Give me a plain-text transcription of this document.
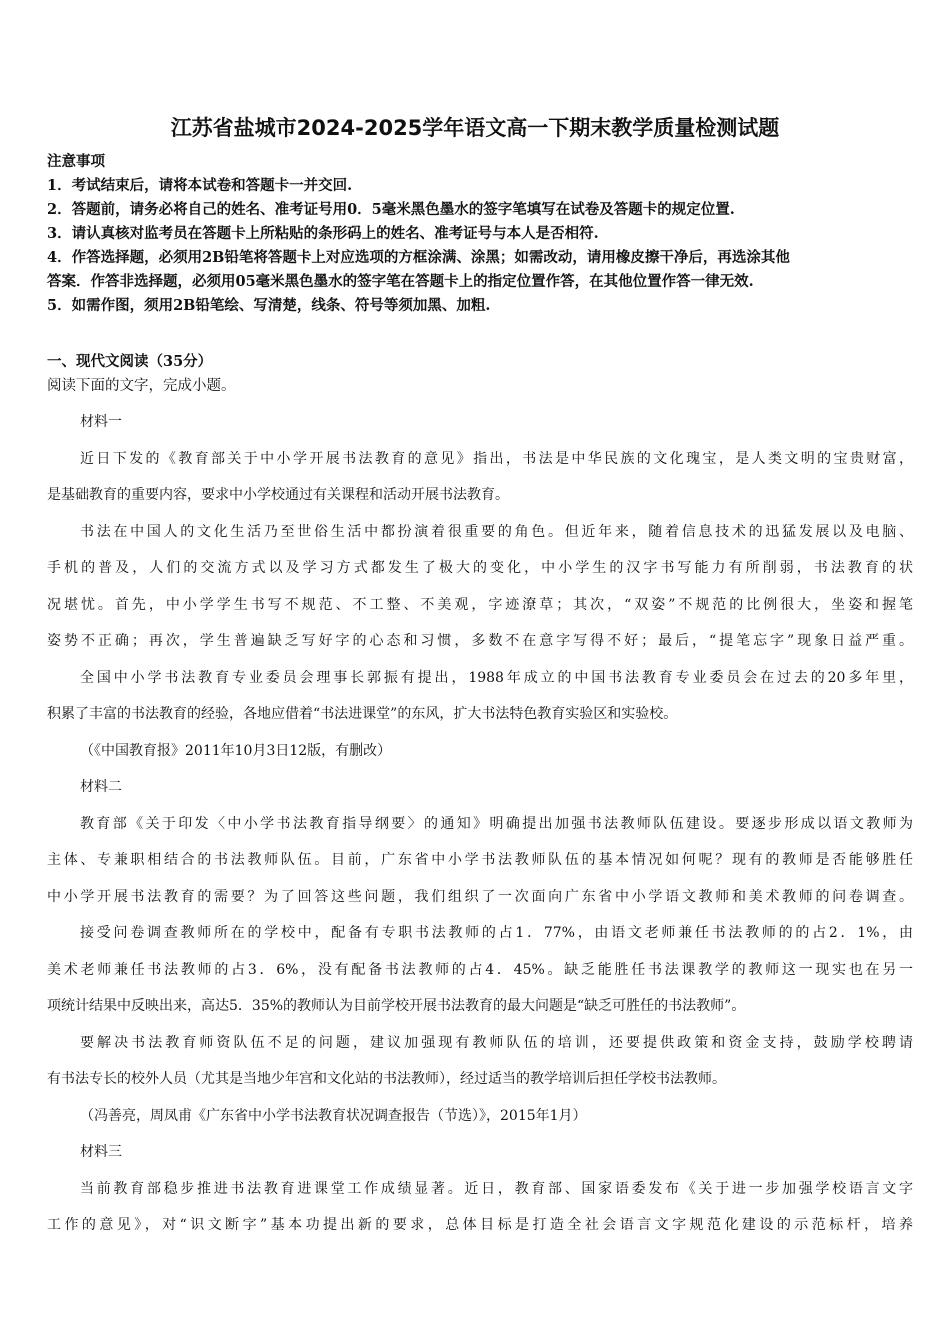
江苏省盐城市2024-2025学年语文高一下期末教学质量检测试题
注意事项
1．考试结束后，请将本试卷和答题卡一并交回.
2．答题前，请务必将自己的姓名、准考证号用0．5毫米黑色墨水的签字笔填写在试卷及答题卡的规定位置.
3．请认真核对监考员在答题卡上所粘贴的条形码上的姓名、准考证号与本人是否相符.
4．作答选择题，必须用2B铅笔将答题卡上对应选项的方框涂满、涂黑；如需改动，请用橡皮擦干净后，再选涂其他
答案．作答非选择题，必须用05毫米黑色墨水的签字笔在答题卡上的指定位置作答，在其他位置作答一律无效.
5．如需作图，须用2B铅笔绘、写清楚，线条、符号等须加黑、加粗.
一、现代文阅读（35分）
阅读下面的文字，完成小题。
材料一
近日下发的《教育部关于中小学开展书法教育的意见》指出，书法是中华民族的文化瑰宝，是人类文明的宝贵财富，
是基础教育的重要内容，要求中小学校通过有关课程和活动开展书法教育。
书法在中国人的文化生活乃至世俗生活中都扮演着很重要的角色。但近年来，随着信息技术的迅猛发展以及电脑、
手机的普及，人们的交流方式以及学习方式都发生了极大的变化，中小学生的汉字书写能力有所削弱，书法教育的状
况堪忧。首先，中小学学生书写不规范、不工整、不美观，字迹潦草；其次，“双姿”不规范的比例很大，坐姿和握笔
姿势不正确；再次，学生普遍缺乏写好字的心态和习惯，多数不在意字写得不好；最后，“提笔忘字”现象日益严重。
全国中小学书法教育专业委员会理事长郭振有提出，1988年成立的中国书法教育专业委员会在过去的20多年里，
积累了丰富的书法教育的经验，各地应借着“书法进课堂”的东风，扩大书法特色教育实验区和实验校。
（《中国教育报》2011年10月3日12版，有删改）
材料二
教育部《关于印发〈中小学书法教育指导纲要〉的通知》明确提出加强书法教师队伍建设。要逐步形成以语文教师为
主体、专兼职相结合的书法教师队伍。目前，广东省中小学书法教师队伍的基本情况如何呢？现有的教师是否能够胜任
中小学开展书法教育的需要？为了回答这些问题，我们组织了一次面向广东省中小学语文教师和美术教师的问卷调查。
接受问卷调查教师所在的学校中，配备有专职书法教师的占1．77%，由语文老师兼任书法教师的的占2．1%，由
美术老师兼任书法教师的占3．6%，没有配备书法教师的占4．45%。缺乏能胜任书法课教学的教师这一现实也在另一
项统计结果中反映出来，高达5．35%的教师认为目前学校开展书法教育的最大问题是“缺乏可胜任的书法教师”。
要解决书法教育师资队伍不足的问题，建议加强现有教师队伍的培训，还要提供政策和资金支持，鼓励学校聘请
有书法专长的校外人员（尤其是当地少年宫和文化站的书法教师），经过适当的教学培训后担任学校书法教师。
（冯善亮，周凤甫《广东省中小学书法教育状况调查报告（节选）》，2015年1月）
材料三
当前教育部稳步推进书法教育进课堂工作成绩显著。近日，教育部、国家语委发布《关于进一步加强学校语言文字
工作的意见》，对“识文断字”基本功提出新的要求，总体目标是打造全社会语言文字规范化建设的示范标杆，培养
